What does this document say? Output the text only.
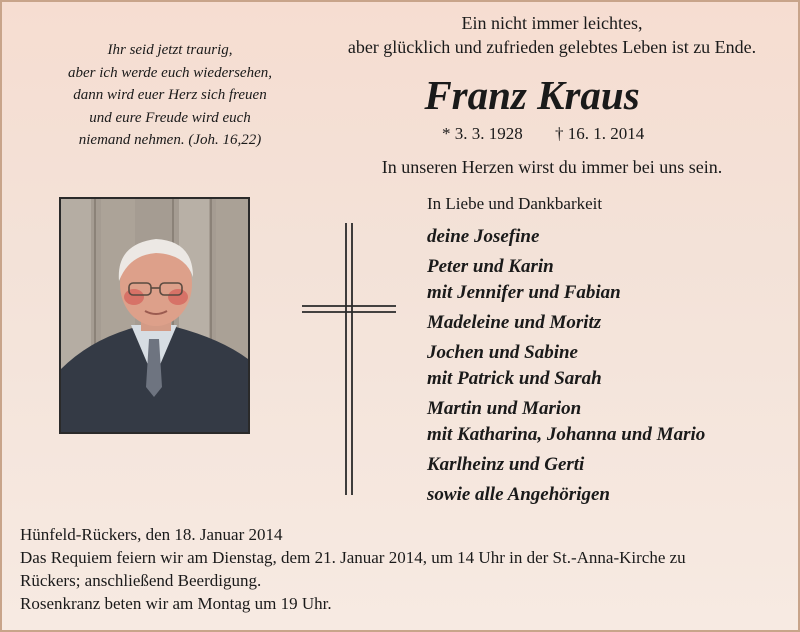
Ihr seid jetzt traurig,
aber ich werde euch wiedersehen,
dann wird euer Herz sich freuen
und eure Freude wird euch
niemand nehmen. (Joh. 16,22)
Ein nicht immer leichtes,
aber glücklich und zufrieden gelebtes Leben ist zu Ende.
Franz Kraus
* 3. 3. 1928 † 16. 1. 2014
In unseren Herzen wirst du immer bei uns sein.
In Liebe und Dankbarkeit
deine Josefine
Peter und Karin
mit Jennifer und Fabian
Madeleine und Moritz
Jochen und Sabine
mit Patrick und Sarah
Martin und Marion
mit Katharina, Johanna und Mario
Karlheinz und Gerti
sowie alle Angehörigen
Hünfeld-Rückers, den 18. Januar 2014
Das Requiem feiern wir am Dienstag, dem 21. Januar 2014, um 14 Uhr in der St.-Anna-Kirche zu
Rückers; anschließend Beerdigung.
Rosenkranz beten wir am Montag um 19 Uhr.
